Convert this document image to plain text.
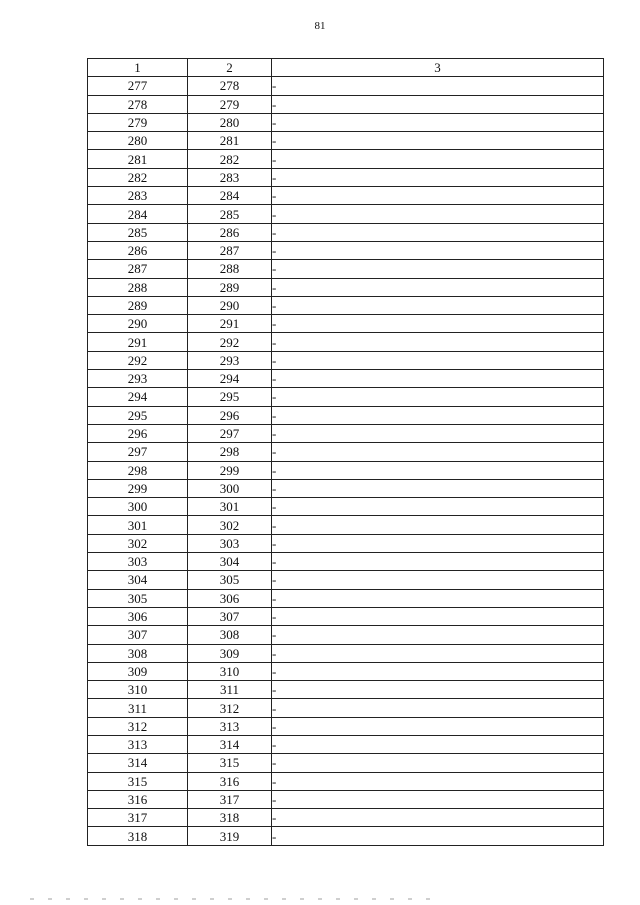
81
1	2	3
277	278	-
278	279	-
279	280	-
280	281	-
281	282	-
282	283	-
283	284	-
284	285	-
285	286	-
286	287	-
287	288	-
288	289	-
289	290	-
290	291	-
291	292	-
292	293	-
293	294	-
294	295	-
295	296	-
296	297	-
297	298	-
298	299	-
299	300	-
300	301	-
301	302	-
302	303	-
303	304	-
304	305	-
305	306	-
306	307	-
307	308	-
308	309	-
309	310	-
310	311	-
311	312	-
312	313	-
313	314	-
314	315	-
315	316	-
316	317	-
317	318	-
318	319	-
